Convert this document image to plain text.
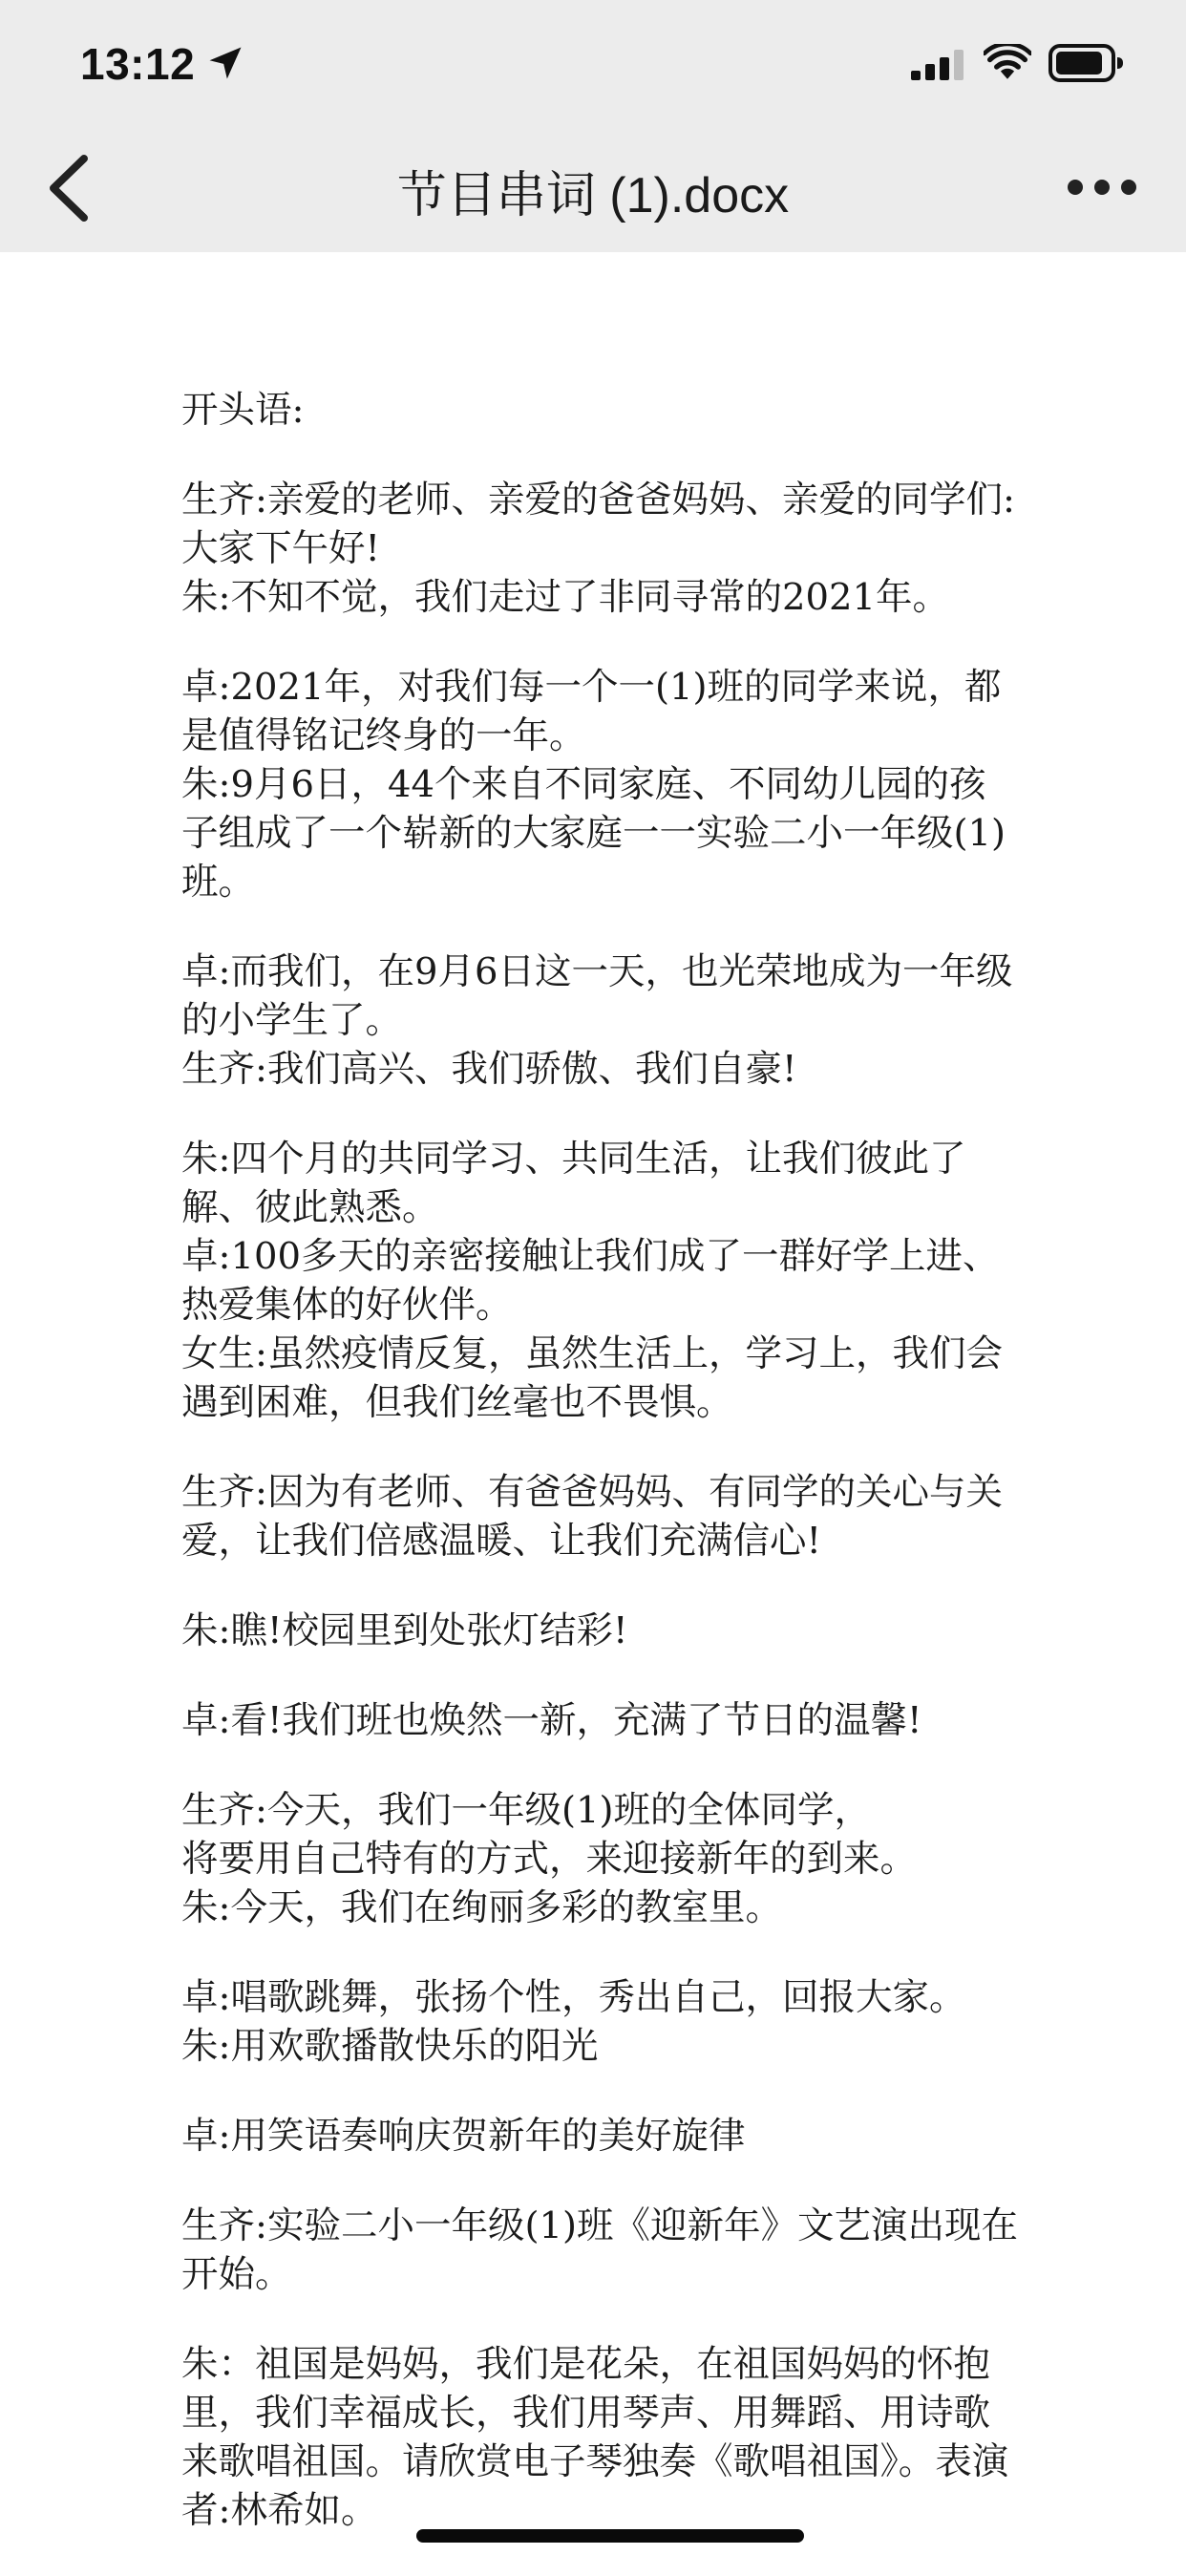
13:12
节目串词 (1).docx
开头语:
生齐:亲爱的老师、亲爱的爸爸妈妈、亲爱的同学们:大家下午好!
朱:不知不觉，我们走过了非同寻常的2021年。
卓:2021年，对我们每一个一(1)班的同学来说，都是值得铭记终身的一年。
朱:9月6日，44个来自不同家庭、不同幼儿园的孩子组成了一个崭新的大家庭一一实验二小一年级(1)班。
卓:而我们，在9月6日这一天，也光荣地成为一年级的小学生了。
生齐:我们高兴、我们骄傲、我们自豪!
朱:四个月的共同学习、共同生活，让我们彼此了解、彼此熟悉。
卓:100多天的亲密接触让我们成了一群好学上进、热爱集体的好伙伴。
女生:虽然疫情反复，虽然生活上，学习上，我们会遇到困难，但我们丝毫也不畏惧。
生齐:因为有老师、有爸爸妈妈、有同学的关心与关爱，让我们倍感温暖、让我们充满信心!
朱:瞧!校园里到处张灯结彩!
卓:看!我们班也焕然一新，充满了节日的温馨!
生齐:今天，我们一年级(1)班的全体同学，
将要用自己特有的方式，来迎接新年的到来。
朱:今天，我们在绚丽多彩的教室里。
卓:唱歌跳舞，张扬个性，秀出自己，回报大家。
朱:用欢歌播散快乐的阳光
卓:用笑语奏响庆贺新年的美好旋律
生齐:实验二小一年级(1)班《迎新年》文艺演出现在开始。
朱：祖国是妈妈，我们是花朵，在祖国妈妈的怀抱里，我们幸福成长，我们用琴声、用舞蹈、用诗歌来歌唱祖国。请欣赏电子琴独奏《歌唱祖国》。表演者:林希如。
